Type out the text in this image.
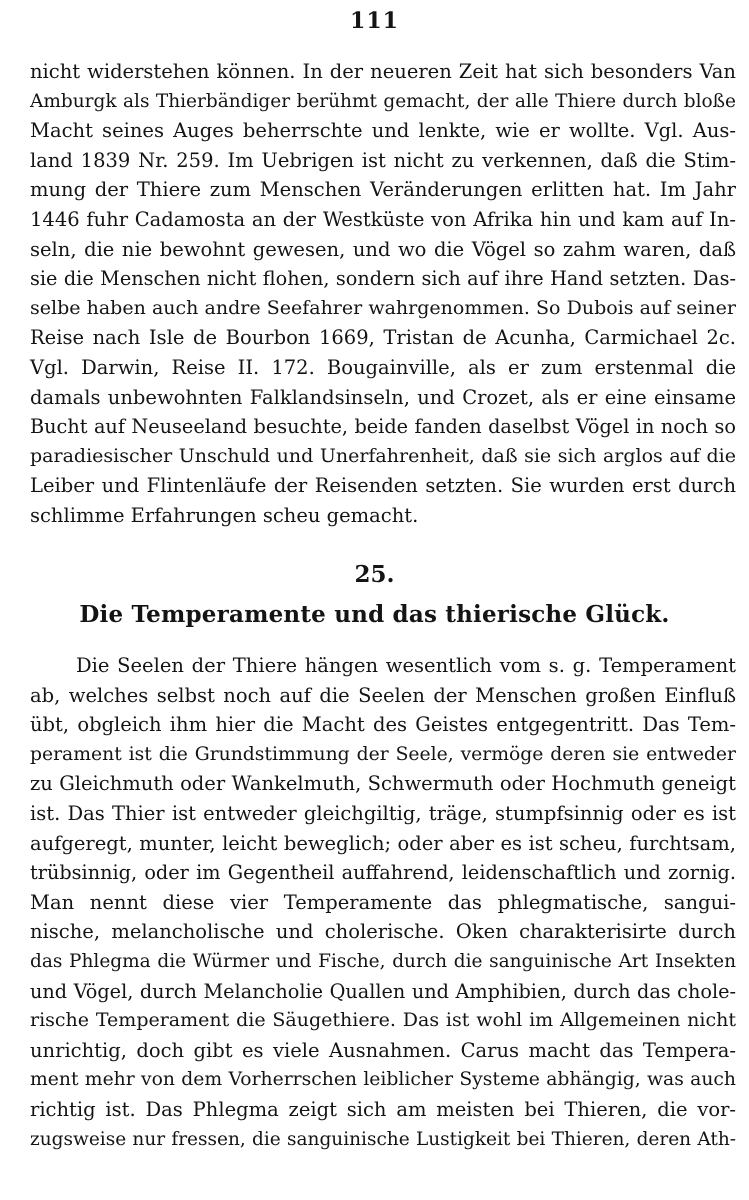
111
nicht widerstehen können. In der neueren Zeit hat sich besonders Van
Amburgk als Thierbändiger berühmt gemacht, der alle Thiere durch bloße
Macht seines Auges beherrschte und lenkte, wie er wollte. Vgl. Aus-
land 1839 Nr. 259. Im Uebrigen ist nicht zu verkennen, daß die Stim-
mung der Thiere zum Menschen Veränderungen erlitten hat. Im Jahr
1446 fuhr Cadamosta an der Westküste von Afrika hin und kam auf In-
seln, die nie bewohnt gewesen, und wo die Vögel so zahm waren, daß
sie die Menschen nicht flohen, sondern sich auf ihre Hand setzten. Das-
selbe haben auch andre Seefahrer wahrgenommen. So Dubois auf seiner
Reise nach Isle de Bourbon 1669, Tristan de Acunha, Carmichael 2c.
Vgl. Darwin, Reise II. 172. Bougainville, als er zum erstenmal die
damals unbewohnten Falklandsinseln, und Crozet, als er eine einsame
Bucht auf Neuseeland besuchte, beide fanden daselbst Vögel in noch so
paradiesischer Unschuld und Unerfahrenheit, daß sie sich arglos auf die
Leiber und Flintenläufe der Reisenden setzten. Sie wurden erst durch
schlimme Erfahrungen scheu gemacht.
25.
Die Temperamente und das thierische Glück.
Die Seelen der Thiere hängen wesentlich vom s. g. Temperament
ab, welches selbst noch auf die Seelen der Menschen großen Einfluß
übt, obgleich ihm hier die Macht des Geistes entgegentritt. Das Tem-
perament ist die Grundstimmung der Seele, vermöge deren sie entweder
zu Gleichmuth oder Wankelmuth, Schwermuth oder Hochmuth geneigt
ist. Das Thier ist entweder gleichgiltig, träge, stumpfsinnig oder es ist
aufgeregt, munter, leicht beweglich; oder aber es ist scheu, furchtsam,
trübsinnig, oder im Gegentheil auffahrend, leidenschaftlich und zornig.
Man nennt diese vier Temperamente das phlegmatische, sangui-
nische, melancholische und cholerische. Oken charakterisirte durch
das Phlegma die Würmer und Fische, durch die sanguinische Art Insekten
und Vögel, durch Melancholie Quallen und Amphibien, durch das chole-
rische Temperament die Säugethiere. Das ist wohl im Allgemeinen nicht
unrichtig, doch gibt es viele Ausnahmen. Carus macht das Tempera-
ment mehr von dem Vorherrschen leiblicher Systeme abhängig, was auch
richtig ist. Das Phlegma zeigt sich am meisten bei Thieren, die vor-
zugsweise nur fressen, die sanguinische Lustigkeit bei Thieren, deren Ath-
